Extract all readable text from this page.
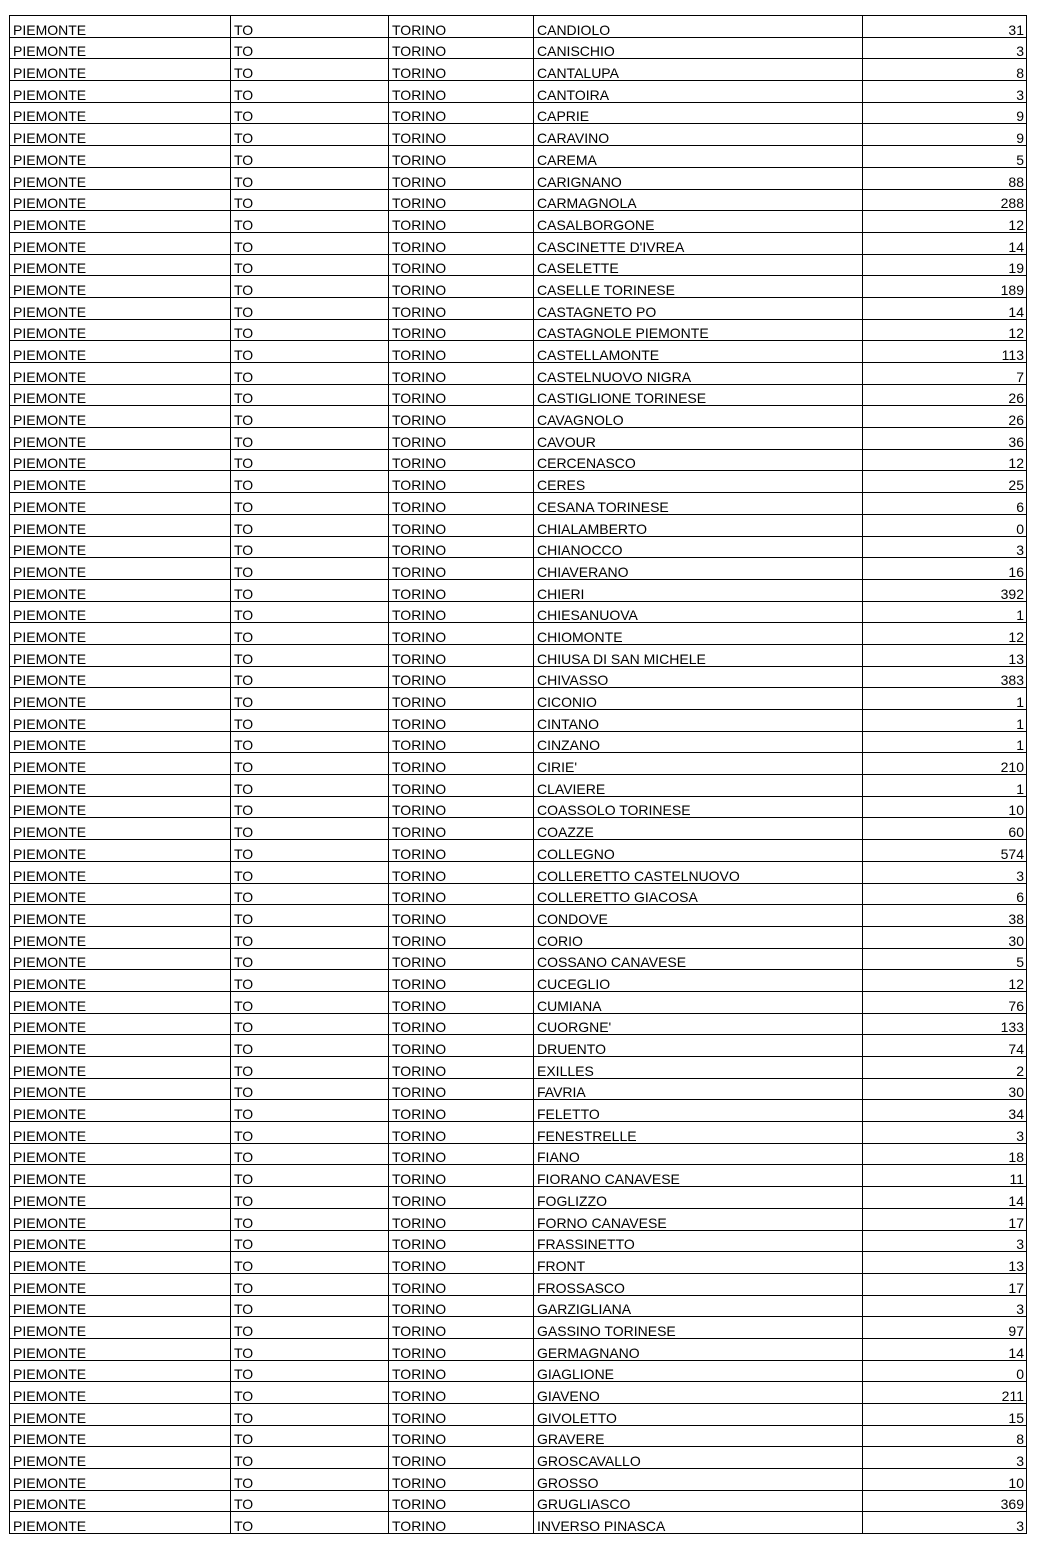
PIEMONTE	TO	TORINO	CANDIOLO	31
PIEMONTE	TO	TORINO	CANISCHIO	3
PIEMONTE	TO	TORINO	CANTALUPA	8
PIEMONTE	TO	TORINO	CANTOIRA	3
PIEMONTE	TO	TORINO	CAPRIE	9
PIEMONTE	TO	TORINO	CARAVINO	9
PIEMONTE	TO	TORINO	CAREMA	5
PIEMONTE	TO	TORINO	CARIGNANO	88
PIEMONTE	TO	TORINO	CARMAGNOLA	288
PIEMONTE	TO	TORINO	CASALBORGONE	12
PIEMONTE	TO	TORINO	CASCINETTE D'IVREA	14
PIEMONTE	TO	TORINO	CASELETTE	19
PIEMONTE	TO	TORINO	CASELLE TORINESE	189
PIEMONTE	TO	TORINO	CASTAGNETO PO	14
PIEMONTE	TO	TORINO	CASTAGNOLE PIEMONTE	12
PIEMONTE	TO	TORINO	CASTELLAMONTE	113
PIEMONTE	TO	TORINO	CASTELNUOVO NIGRA	7
PIEMONTE	TO	TORINO	CASTIGLIONE TORINESE	26
PIEMONTE	TO	TORINO	CAVAGNOLO	26
PIEMONTE	TO	TORINO	CAVOUR	36
PIEMONTE	TO	TORINO	CERCENASCO	12
PIEMONTE	TO	TORINO	CERES	25
PIEMONTE	TO	TORINO	CESANA TORINESE	6
PIEMONTE	TO	TORINO	CHIALAMBERTO	0
PIEMONTE	TO	TORINO	CHIANOCCO	3
PIEMONTE	TO	TORINO	CHIAVERANO	16
PIEMONTE	TO	TORINO	CHIERI	392
PIEMONTE	TO	TORINO	CHIESANUOVA	1
PIEMONTE	TO	TORINO	CHIOMONTE	12
PIEMONTE	TO	TORINO	CHIUSA DI SAN MICHELE	13
PIEMONTE	TO	TORINO	CHIVASSO	383
PIEMONTE	TO	TORINO	CICONIO	1
PIEMONTE	TO	TORINO	CINTANO	1
PIEMONTE	TO	TORINO	CINZANO	1
PIEMONTE	TO	TORINO	CIRIE'	210
PIEMONTE	TO	TORINO	CLAVIERE	1
PIEMONTE	TO	TORINO	COASSOLO TORINESE	10
PIEMONTE	TO	TORINO	COAZZE	60
PIEMONTE	TO	TORINO	COLLEGNO	574
PIEMONTE	TO	TORINO	COLLERETTO CASTELNUOVO	3
PIEMONTE	TO	TORINO	COLLERETTO GIACOSA	6
PIEMONTE	TO	TORINO	CONDOVE	38
PIEMONTE	TO	TORINO	CORIO	30
PIEMONTE	TO	TORINO	COSSANO CANAVESE	5
PIEMONTE	TO	TORINO	CUCEGLIO	12
PIEMONTE	TO	TORINO	CUMIANA	76
PIEMONTE	TO	TORINO	CUORGNE'	133
PIEMONTE	TO	TORINO	DRUENTO	74
PIEMONTE	TO	TORINO	EXILLES	2
PIEMONTE	TO	TORINO	FAVRIA	30
PIEMONTE	TO	TORINO	FELETTO	34
PIEMONTE	TO	TORINO	FENESTRELLE	3
PIEMONTE	TO	TORINO	FIANO	18
PIEMONTE	TO	TORINO	FIORANO CANAVESE	11
PIEMONTE	TO	TORINO	FOGLIZZO	14
PIEMONTE	TO	TORINO	FORNO CANAVESE	17
PIEMONTE	TO	TORINO	FRASSINETTO	3
PIEMONTE	TO	TORINO	FRONT	13
PIEMONTE	TO	TORINO	FROSSASCO	17
PIEMONTE	TO	TORINO	GARZIGLIANA	3
PIEMONTE	TO	TORINO	GASSINO TORINESE	97
PIEMONTE	TO	TORINO	GERMAGNANO	14
PIEMONTE	TO	TORINO	GIAGLIONE	0
PIEMONTE	TO	TORINO	GIAVENO	211
PIEMONTE	TO	TORINO	GIVOLETTO	15
PIEMONTE	TO	TORINO	GRAVERE	8
PIEMONTE	TO	TORINO	GROSCAVALLO	3
PIEMONTE	TO	TORINO	GROSSO	10
PIEMONTE	TO	TORINO	GRUGLIASCO	369
PIEMONTE	TO	TORINO	INVERSO PINASCA	3
